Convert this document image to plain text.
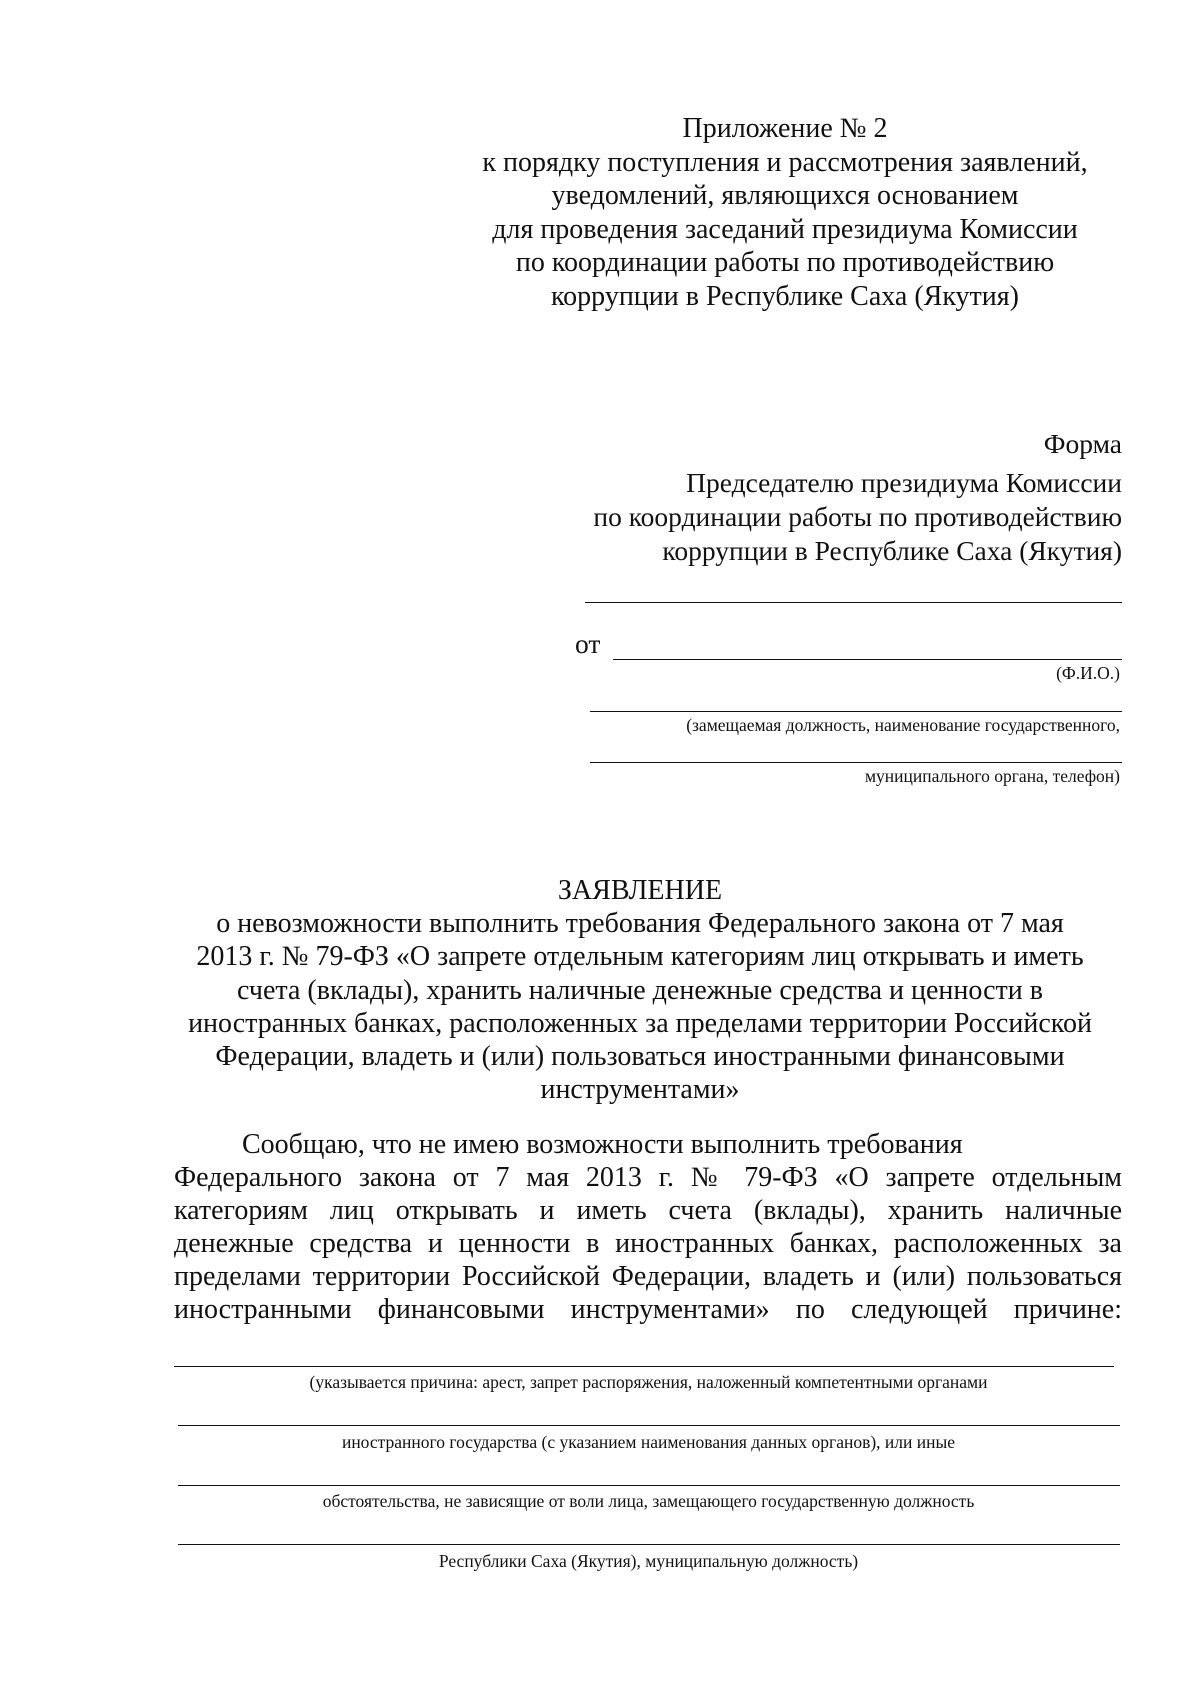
Приложение № 2
к порядку поступления и рассмотрения заявлений,
уведомлений, являющихся основанием
для проведения заседаний президиума Комиссии
по координации работы по противодействию
коррупции в Республике Саха (Якутия)
Форма
Председателю президиума Комиссии
по координации работы по противодействию
коррупции в Республике Саха (Якутия)
от
(Ф.И.О.)
(замещаемая должность, наименование государственного,
муниципального органа, телефон)
ЗАЯВЛЕНИЕ
о невозможности выполнить требования Федерального закона от 7 мая
2013 г. № 79-ФЗ «О запрете отдельным категориям лиц открывать и иметь
счета (вклады), хранить наличные денежные средства и ценности в
иностранных банках, расположенных за пределами территории Российской
Федерации, владеть и (или) пользоваться иностранными финансовыми
инструментами»

Сообщаю, что не имею возможности выполнить требования

Федерального закона от 7 мая 2013 г. № 79-ФЗ «О запрете отдельным

категориям лиц открывать и иметь счета (вклады), хранить наличные

денежные средства и ценности в иностранных банках, расположенных за

пределами территории Российской Федерации, владеть и (или) пользоваться

иностранными финансовыми инструментами» по следующей причине:

(указывается причина: арест, запрет распоряжения, наложенный компетентными органами
иностранного государства (с указанием наименования данных органов), или иные
обстоятельства, не зависящие от воли лица, замещающего государственную должность
Республики Саха (Якутия), муниципальную должность)
